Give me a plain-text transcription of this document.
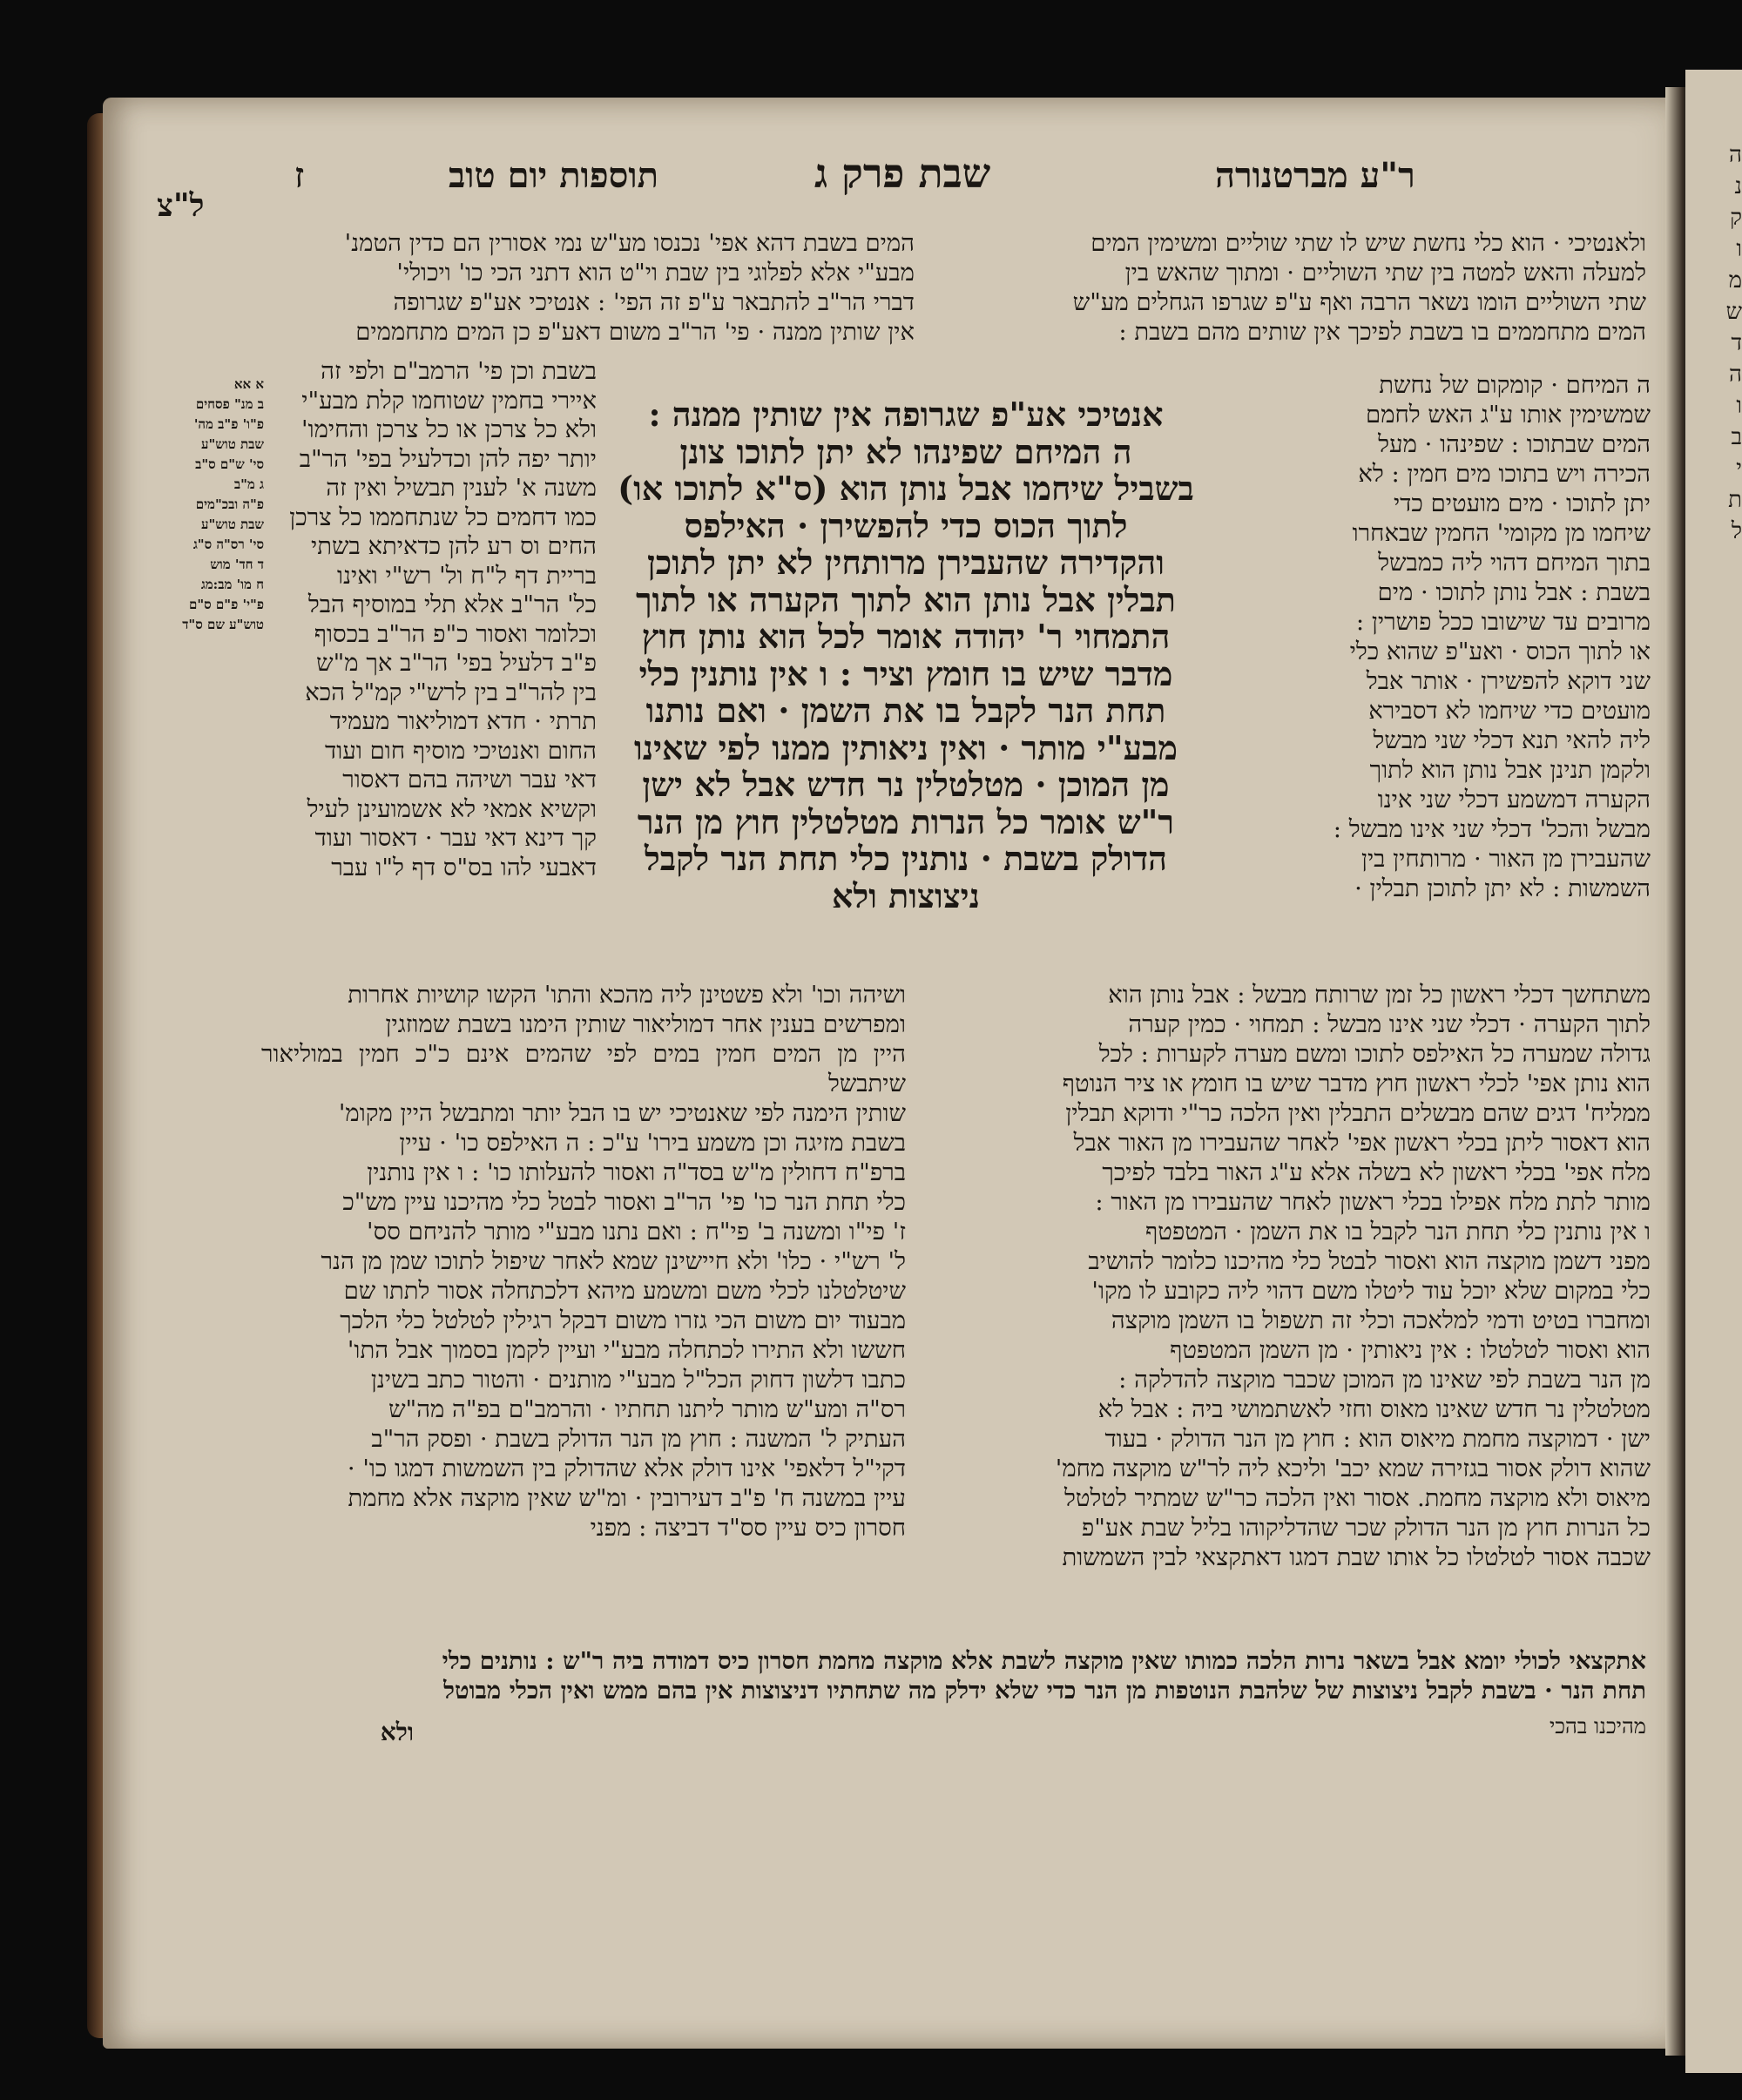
ה
נ
ק
ו
מ
ש
ד
ה
ו
ב
י
ת
ל
ר"ע מברטנורה
שבת פרק ג
תוספות יום טוב
ז
ל"צ
ולאנטיכי · הוא כלי נחשת שיש לו שתי שוליים ומשימין המים
למעלה והאש למטה בין שתי השוליים · ומתוך שהאש בין
שתי השוליים הומו נשאר הרבה ואף ע"פ שגרפו הגחלים מע"ש
המים מתחממים בו בשבת לפיכך אין שותים מהם בשבת :
המים בשבת דהא אפי' נכנסו מע"ש נמי אסורין הם כדין הטמנ'
מבע"י אלא לפלוגי בין שבת וי"ט הוא דתני הכי כו' ויכולי'
דברי הר"ב להתבאר ע"פ זה הפי' : אנטיכי אע"פ שגרופה
אין שותין ממנה · פי' הר"ב משום דאע"פ כן המים מתחממים
ה המיחם · קומקום של נחשת
שמשימין אותו ע"ג האש לחמם
המים שבתוכו : שפינהו · מעל
הכירה ויש בתוכו מים חמין : לא
יתן לתוכו · מים מועטים כדי
שיחמו מן מקומי' החמין שבאחרו
בתוך המיחם דהוי ליה כמבשל
בשבת : אבל נותן לתוכו · מים
מרובים עד שישובו ככל פושרין :
או לתוך הכוס · ואע"פ שהוא כלי
שני דוקא להפשירן · אותר אבל
מועטים כדי שיחמו לא דסבירא
ליה להאי תנא דכלי שני מבשל
ולקמן תנינן אבל נותן הוא לתוך
הקערה דמשמע דכלי שני אינו
מבשל והכל' דכלי שני אינו מבשל :
שהעבירן מן האור · מרותחין בין
השמשות : לא יתן לתוכן תבלין ·
אנטיכי אע"פ שגרופה אין שותין ממנה :
ה המיחם שפינהו לא יתן לתוכו צונן
בשביל שיחמו אבל נותן הוא (ס"א לתוכו או)
לתוך הכוס כדי להפשירן · האילפס
והקדירה שהעבירן מרותחין לא יתן לתוכן
תבלין אבל נותן הוא לתוך הקערה או לתוך
התמחוי ר' יהודה אומר לכל הוא נותן חוץ
מדבר שיש בו חומץ וציר : ו אין נותנין כלי
תחת הנר לקבל בו את השמן · ואם נותנו
מבע"י מותר · ואין ניאותין ממנו לפי שאינו
מן המוכן · מטלטלין נר חדש אבל לא ישן
ר"ש אומר כל הנרות מטלטלין חוץ מן הנר
הדולק בשבת · נותנין כלי תחת הנר לקבל
ניצוצות ולא
בשבת וכן פי' הרמב"ם ולפי זה
איירי בחמין שטוחמו קלת מבע"י
ולא כל צרכן או כל צרכן והחימו'
יותר יפה להן וכדלעיל בפי' הר"ב
משנה א' לענין תבשיל ואין זה
כמו דחמים כל שנתחממו כל צרכן
החים וס רע להן כדאיתא בשתי
בריית דף ל"ח ול' רש"י ואינו
כל' הר"ב אלא תלי במוסיף הבל
וכלומר ואסור כ"פ הר"ב בכסוף
פ"ב דלעיל בפי' הר"ב אך מ"ש
בין להר"ב בין לרש"י קמ"ל הכא
תרתי · חדא דמוליאור מעמיד
החום ואנטיכי מוסיף חום ועוד
דאי עבר ושיהה בהם דאסור
וקשיא אמאי לא אשמועינן לעיל
קך דינא דאי עבר · דאסור ועוד
דאבעי להו בס"ס דף ל"ו עבר
א אא
ב מנ" פסחים
פ"ו' פ"ב מה'
שבת טוש"ע
סי' ש"ם ס"ב
ג מ"ב
פ"ה ובכ"מים
שבת טוש"ע
סי' רס"ה ס"ג
ד חד' מוש
ח מו' מב:מג
פ"י' פ"ם ס"ם
טוש"ע שם ס"ד
משתחשך דכלי ראשון כל זמן שרותח מבשל : אבל נותן הוא
לתוך הקערה · דכלי שני אינו מבשל : תמחוי · כמין קערה
גדולה שמערה כל האילפס לתוכו ומשם מערה לקערות : לכל
הוא נותן אפי' לכלי ראשון חוץ מדבר שיש בו חומץ או ציר הנוטף
ממליח' דגים שהם מבשלים התבלין ואין הלכה כר"י ודוקא תבלין
הוא דאסור ליתן בכלי ראשון אפי' לאחר שהעבירו מן האור אבל
מלח אפי' בכלי ראשון לא בשלה אלא ע"ג האור בלבד לפיכך
מותר לתת מלח אפילו בכלי ראשון לאחר שהעבירו מן האור :
ו אין נותנין כלי תחת הנר לקבל בו את השמן · המטפטף
מפני דשמן מוקצה הוא ואסור לבטל כלי מהיכנו כלומר להושיב
כלי במקום שלא יוכל עוד ליטלו משם דהוי ליה כקובע לו מקו'
ומחברו בטיט ודמי למלאכה וכלי זה תשפול בו השמן מוקצה
הוא ואסור לטלטלו : אין ניאותין · מן השמן המטפטף
מן הנר בשבת לפי שאינו מן המוכן שכבר מוקצה להדלקה :
מטלטלין נר חדש שאינו מאוס וחזי לאשתמושי ביה : אבל לא
ישן · דמוקצה מחמת מיאוס הוא : חוץ מן הנר הדולק · בעוד
שהוא דולק אסור בגזירה שמא יכב' וליכא ליה לר"ש מוקצה מחמ'
מיאוס ולא מוקצה מחמת. אסור ואין הלכה כר"ש שמתיר לטלטל
כל הנרות חוץ מן הנר הדולק שכר שהדליקוהו בליל שבת אע"פ
שכבה אסור לטלטלו כל אותו שבת דמגו דאתקצאי לבין השמשות
ושיהה וכו' ולא פשטינן ליה מהכא והתו' הקשו קושיות אחרות
ומפרשים בענין אחר דמוליאור שותין הימנו בשבת שמוזגין
היין מן המים חמין במים לפי שהמים אינם כ"כ חמין במוליאור שיתבשל
שותין הימנה לפי שאנטיכי יש בו הבל יותר ומתבשל היין מקומ'
בשבת מזיגה וכן משמע בירו' ע"כ : ה האילפס כו' · עיין
ברפ"ח דחולין מ"ש בסד"ה ואסור להעלותו כו' : ו אין נותנין
כלי תחת הנר כו' פי' הר"ב ואסור לבטל כלי מהיכנו עיין מש"כ
ז' פי"ו ומשנה ב' פי"ח : ואם נתנו מבע"י מותר להניחם סס'
ל' רש"י · כלו' ולא חיישינן שמא לאחר שיפול לתוכו שמן מן הנר
שיטלטלנו לכלי משם ומשמע מיהא דלכתחלה אסור לתתו שם
מבעוד יום משום הכי גזרו משום דבקל רגילין לטלטל כלי הלכך
חששו ולא התירו לכתחלה מבע"י ועיין לקמן בסמוך אבל התו'
כתבו דלשון דחוק הכל"ל מבע"י מותנים · והטור כתב בשינן
רס"ה ומע"ש מותר ליתנו תחתיו · והרמב"ם בפ"ה מה"ש
העתיק ל' המשנה : חוץ מן הנר הדולק בשבת · ופסק הר"ב
דקי"ל דלאפי' אינו דולק אלא שהדולק בין השמשות דמגו כו' ·
עיין במשנה ח' פ"ב דעירובין · ומ"ש שאין מוקצה אלא מחמת
חסרון כיס עיין סס"ד דביצה : מפני
אתקצאי לכולי יומא אבל בשאר נרות הלכה כמותו שאין מוקצה לשבת אלא מוקצה מחמת חסרון כיס דמודה ביה ר"ש : נותנים כלי
תחת הנר · בשבת לקבל ניצוצות של שלהבת הנוטפות מן הנר כדי שלא ידלק מה שתחתיו דניצוצות אין בהם ממש ואין הכלי מבוטל
מהיכנו בהכי
ולא
